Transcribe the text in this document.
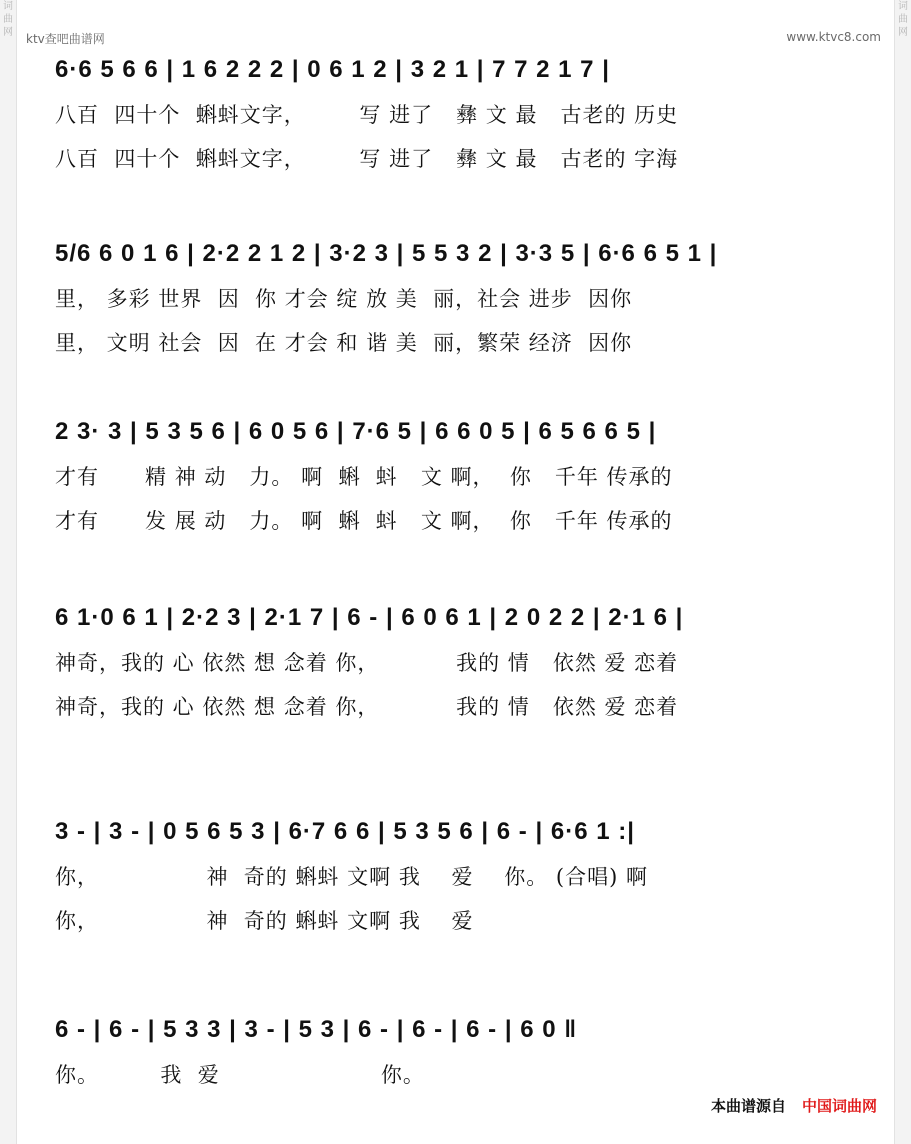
词
曲
网
词
曲
网
ktv查吧曲谱网	www.ktvc8.com
6·6 5 6 6 | 1 6 2 2 2 | 0 6 1 2 | 3 2 1 | 7 7 2 1 7 |
八百  四十个  蝌蚪文字，       写 进了   彝 文 最   古老的 历史
八百  四十个  蝌蚪文字，       写 进了   彝 文 最   古老的 字海
5/6 6 0 1 6 | 2·2 2 1 2 | 3·2 3 | 5 5 3 2 | 3·3 5 | 6·6 6 5 1 |
里， 多彩 世界  因  你 才会 绽 放 美  丽，社会 进步  因你
里， 文明 社会  因  在 才会 和 谐 美  丽，繁荣 经济  因你
2 3· 3 | 5 3 5 6 | 6 0 5 6 | 7·6 5 | 6 6 0 5 | 6 5 6 6 5 |
才有      精 神 动   力。 啊  蝌  蚪   文 啊，  你   千年 传承的
才有      发 展 动   力。 啊  蝌  蚪   文 啊，  你   千年 传承的
6 1·0 6 1 | 2·2 3 | 2·1 7 | 6 - | 6 0 6 1 | 2 0 2 2 | 2·1 6 |
神奇，我的 心 依然 想 念着 你，          我的 情   依然 爱 恋着
神奇，我的 心 依然 想 念着 你，          我的 情   依然 爱 恋着
3 - | 3 - | 0 5 6 5 3 | 6·7 6 6 | 5 3 5 6 | 6 - | 6·6 1 :|
你，              神  奇的 蝌蚪 文啊 我    爱    你。 (合唱) 啊
你，              神  奇的 蝌蚪 文啊 我    爱
6 - | 6 - | 5 3 3 | 3 - | 5 3 | 6 - | 6 - | 6 - | 6 0 ‖
你。        我  爱                     你。
本曲谱源自 中国词曲网
